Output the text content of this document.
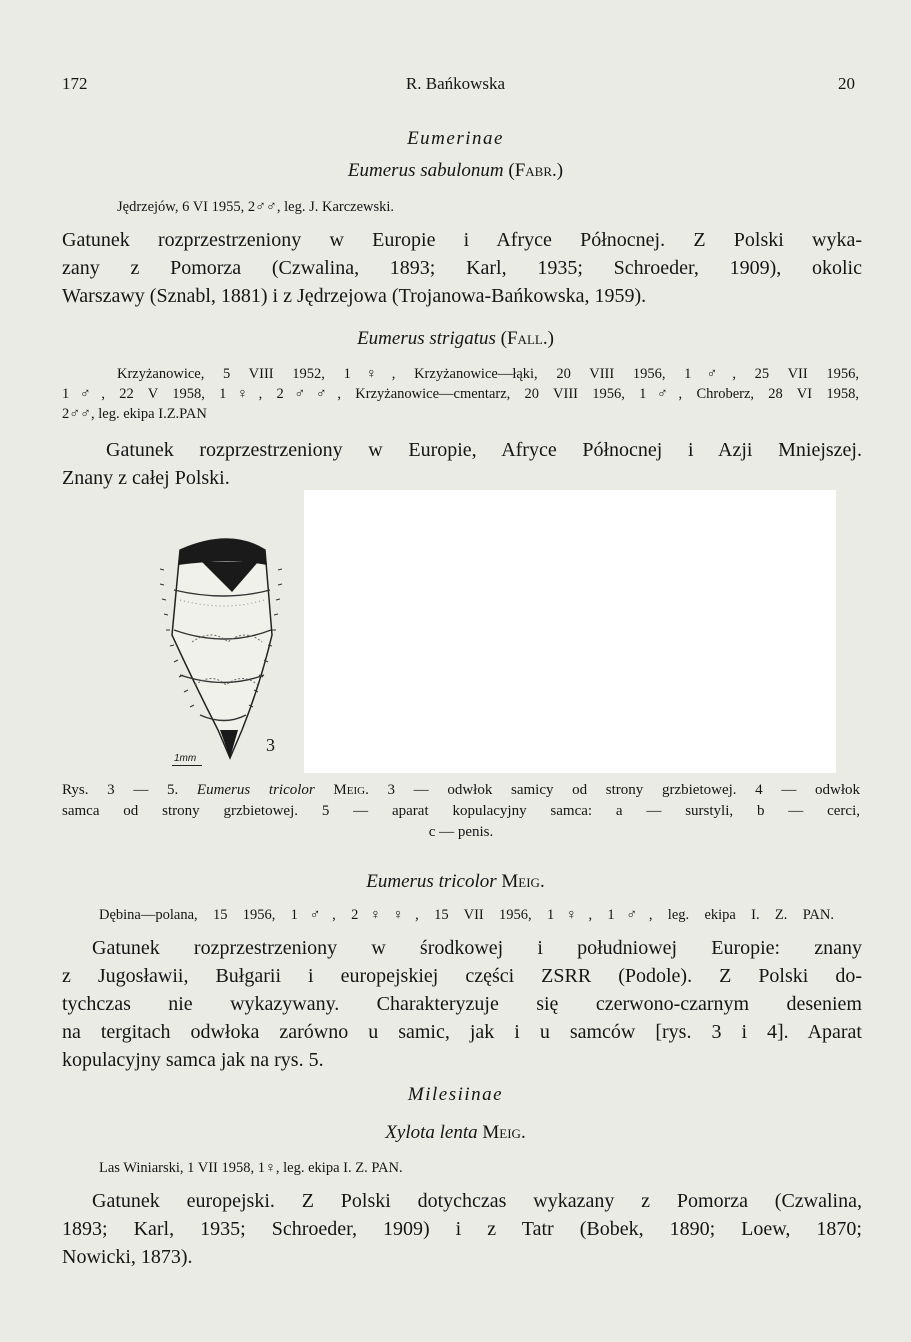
172	R. Bańkowska	20
Eumerinae
Eumerus sabulonum (Fabr.)
Jędrzejów, 6 VI 1955, 2♂♂, leg. J. Karczewski.
Gatunek rozprzestrzeniony w Europie i Afryce Północnej. Z Polski wyka-
zany z Pomorza (Czwalina, 1893; Karl, 1935; Schroeder, 1909), okolic
Warszawy (Sznabl, 1881) i z Jędrzejowa (Trojanowa-Bańkowska, 1959).
Eumerus strigatus (Fall.)
Krzyżanowice, 5 VIII 1952, 1♀, Krzyżanowice—łąki, 20 VIII 1956, 1♂, 25 VII 1956,
1♂, 22 V 1958, 1♀, 2♂♂, Krzyżanowice—cmentarz, 20 VIII 1956, 1♂, Chroberz, 28 VI 1958,
2♂♂, leg. ekipa I.Z.PAN
Gatunek rozprzestrzeniony w Europie, Afryce Północnej i Azji Mniejszej.
Znany z całej Polski.
1mm
3
Rys. 3 — 5. Eumerus tricolor Meig. 3 — odwłok samicy od strony grzbietowej. 4 — odwłok
samca od strony grzbietowej. 5 — aparat kopulacyjny samca: a — surstyli, b — cerci,
c — penis.
Eumerus tricolor Meig.
Dębina—polana, 15 1956, 1♂, 2♀♀, 15 VII 1956, 1♀, 1♂, leg. ekipa I. Z. PAN.
Gatunek rozprzestrzeniony w środkowej i południowej Europie: znany
z Jugosławii, Bułgarii i europejskiej części ZSRR (Podole). Z Polski do-
tychczas nie wykazywany. Charakteryzuje się czerwono-czarnym deseniem
na tergitach odwłoka zarówno u samic, jak i u samców [rys. 3 i 4]. Aparat
kopulacyjny samca jak na rys. 5.
Milesiinae
Xylota lenta Meig.
Las Winiarski, 1 VII 1958, 1♀, leg. ekipa I. Z. PAN.
Gatunek europejski. Z Polski dotychczas wykazany z Pomorza (Czwalina,
1893; Karl, 1935; Schroeder, 1909) i z Tatr (Bobek, 1890; Loew, 1870;
Nowicki, 1873).
